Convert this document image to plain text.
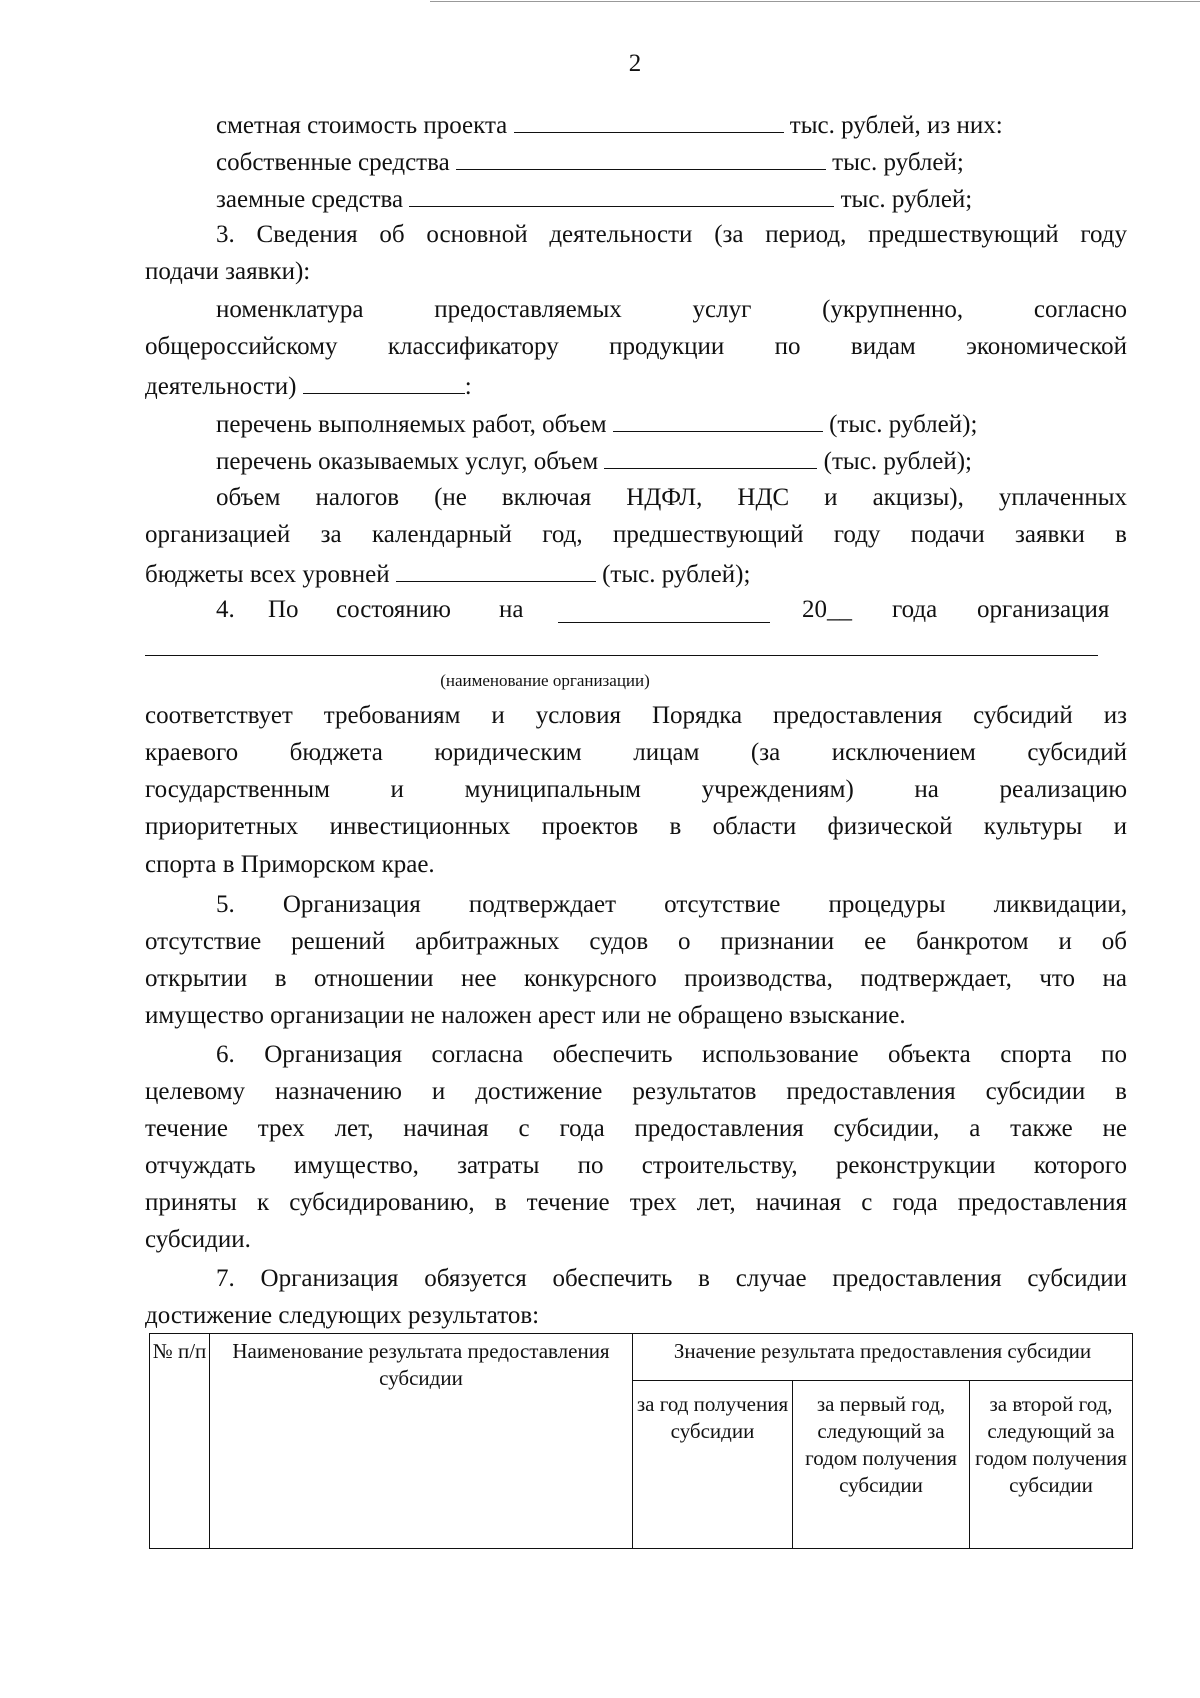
2
сметная стоимость проекта	тыс. рублей, из них:
собственные средства	тыс. рублей;
заемные средства	тыс. рублей;
3. Сведения об основной деятельности (за период, предшествующий году
подачи заявки):
номенклатура предоставляемых услуг (укрупненно, согласно
общероссийскому классификатору продукции по видам экономической
деятельности)	:
перечень выполняемых работ, объем	(тыс. рублей);
перечень оказываемых услуг, объем	(тыс. рублей);
объем налогов (не включая НДФЛ, НДС и акцизы), уплаченных
организацией за календарный год, предшествующий году подачи заявки в
бюджеты всех уровней	(тыс. рублей);
4. По состоянию на	20__ года организация
(наименование организации)
соответствует требованиям и условия Порядка предоставления субсидий из
краевого бюджета юридическим лицам (за исключением субсидий
государственным и муниципальным учреждениям) на реализацию
приоритетных инвестиционных проектов в области физической культуры и
спорта в Приморском крае.
5. Организация подтверждает отсутствие процедуры ликвидации,
отсутствие решений арбитражных судов о признании ее банкротом и об
открытии в отношении нее конкурсного производства, подтверждает, что на
имущество организации не наложен арест или не обращено взыскание.
6. Организация согласна обеспечить использование объекта спорта по
целевому назначению и достижение результатов предоставления субсидии в
течение трех лет, начиная с года предоставления субсидии, а также не
отчуждать имущество, затраты по строительству, реконструкции которого
приняты к субсидированию, в течение трех лет, начиная с года предоставления
субсидии.
7. Организация обязуется обеспечить в случае предоставления субсидии
достижение следующих результатов:
№ п/п	Наименование результата предоставления субсидии	Значение результата предоставления субсидии		
		за год получения субсидии	за первый год, следующий за годом получения субсидии	за второй год, следующий за годом получения субсидии
